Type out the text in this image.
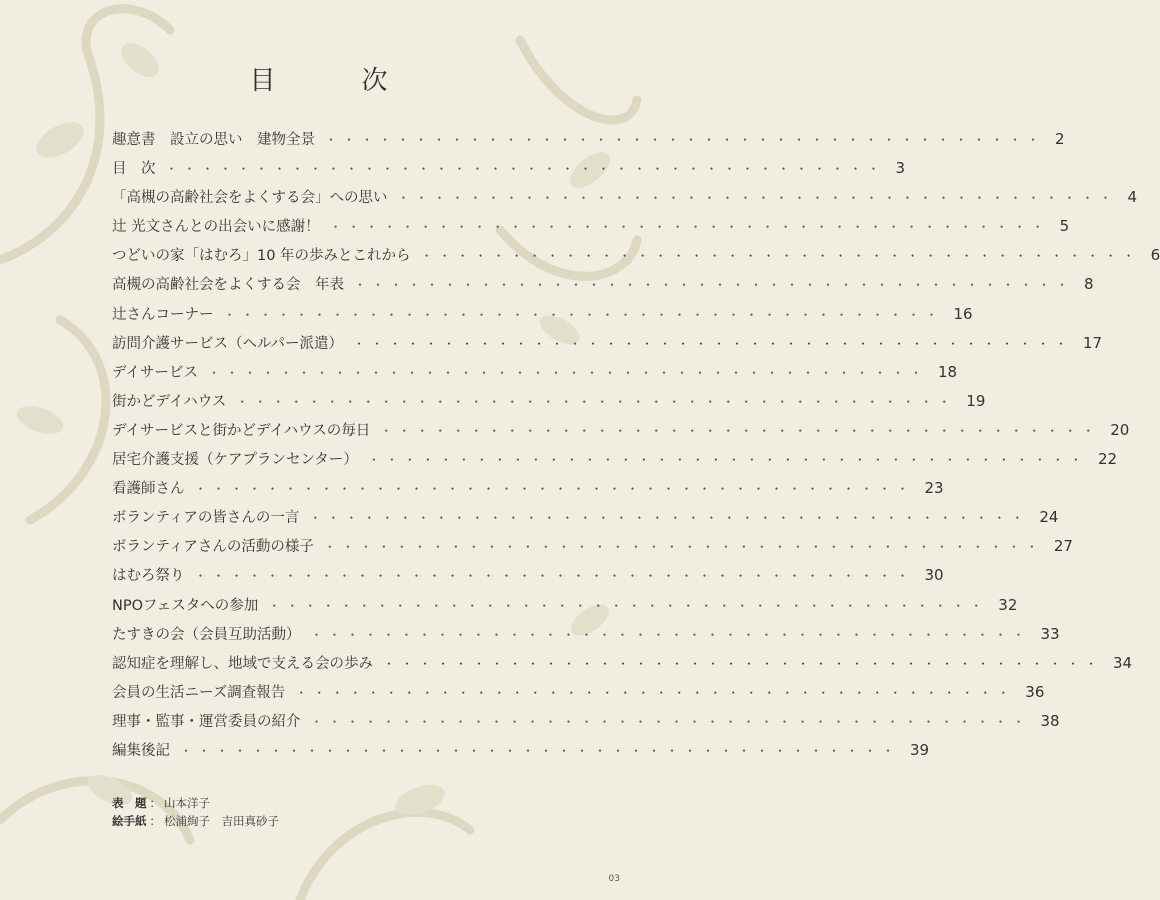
目　次
趣意書　設立の思い　建物全景 ・・・・・・・・・・・・・・・・・・・・・・・・・・・・・・・・・・・・・・・・ 2
目　次 ・・・・・・・・・・・・・・・・・・・・・・・・・・・・・・・・・・・・・・・・ 3
「高槻の高齢社会をよくする会」への思い ・・・・・・・・・・・・・・・・・・・・・・・・・・・・・・・・・・・・・・・・ 4
辻 光文さんとの出会いに感謝！ ・・・・・・・・・・・・・・・・・・・・・・・・・・・・・・・・・・・・・・・・ 5
つどいの家「はむろ」10 年の歩みとこれから ・・・・・・・・・・・・・・・・・・・・・・・・・・・・・・・・・・・・・・・・ 6
高槻の高齢社会をよくする会　年表 ・・・・・・・・・・・・・・・・・・・・・・・・・・・・・・・・・・・・・・・・ 8
辻さんコーナー ・・・・・・・・・・・・・・・・・・・・・・・・・・・・・・・・・・・・・・・・ 16
訪問介護サービス（ヘルパー派遣） ・・・・・・・・・・・・・・・・・・・・・・・・・・・・・・・・・・・・・・・・ 17
デイサービス ・・・・・・・・・・・・・・・・・・・・・・・・・・・・・・・・・・・・・・・・ 18
街かどデイハウス ・・・・・・・・・・・・・・・・・・・・・・・・・・・・・・・・・・・・・・・・ 19
デイサービスと街かどデイハウスの毎日 ・・・・・・・・・・・・・・・・・・・・・・・・・・・・・・・・・・・・・・・・ 20
居宅介護支援（ケアプランセンター） ・・・・・・・・・・・・・・・・・・・・・・・・・・・・・・・・・・・・・・・・ 22
看護師さん ・・・・・・・・・・・・・・・・・・・・・・・・・・・・・・・・・・・・・・・・ 23
ボランティアの皆さんの一言 ・・・・・・・・・・・・・・・・・・・・・・・・・・・・・・・・・・・・・・・・ 24
ボランティアさんの活動の様子 ・・・・・・・・・・・・・・・・・・・・・・・・・・・・・・・・・・・・・・・・ 27
はむろ祭り ・・・・・・・・・・・・・・・・・・・・・・・・・・・・・・・・・・・・・・・・ 30
NPOフェスタへの参加 ・・・・・・・・・・・・・・・・・・・・・・・・・・・・・・・・・・・・・・・・ 32
たすきの会（会員互助活動） ・・・・・・・・・・・・・・・・・・・・・・・・・・・・・・・・・・・・・・・・ 33
認知症を理解し、地域で支える会の歩み ・・・・・・・・・・・・・・・・・・・・・・・・・・・・・・・・・・・・・・・・ 34
会員の生活ニーズ調査報告 ・・・・・・・・・・・・・・・・・・・・・・・・・・・・・・・・・・・・・・・・ 36
理事・監事・運営委員の紹介 ・・・・・・・・・・・・・・・・・・・・・・・・・・・・・・・・・・・・・・・・ 38
編集後記 ・・・・・・・・・・・・・・・・・・・・・・・・・・・・・・・・・・・・・・・・ 39
表　題 ： 山本洋子
絵手紙 ： 松浦絢子　吉田真砂子
03
